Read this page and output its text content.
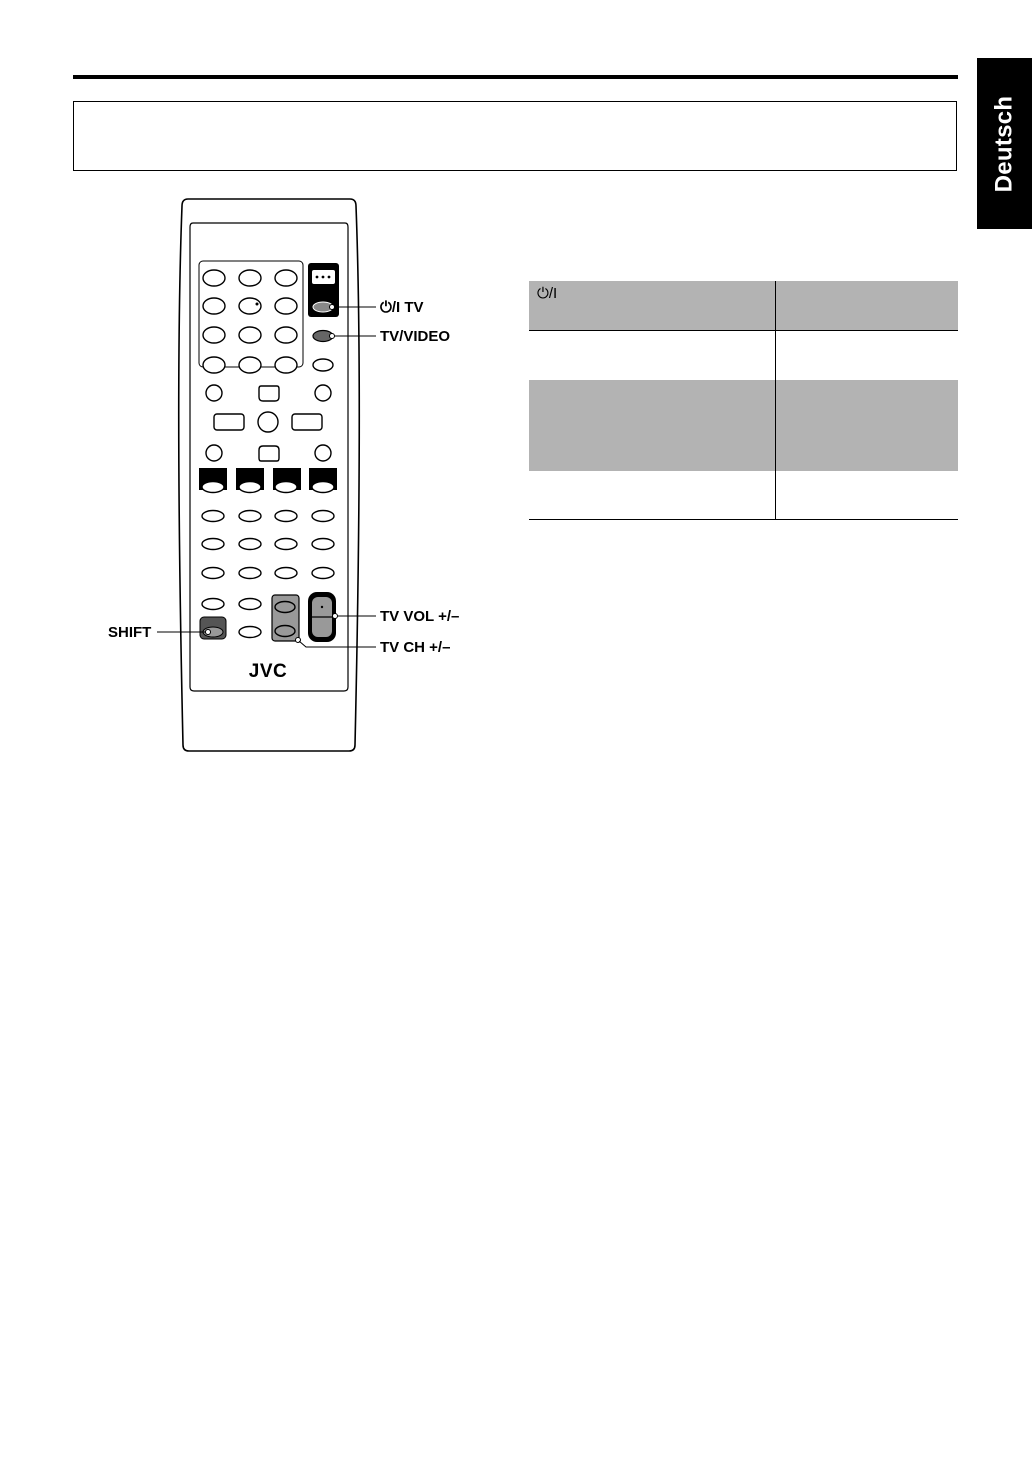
Deutsch
JVC
⏻/I TV
TV/VIDEO
TV VOL +/–
TV CH +/–
SHIFT
⏻/I
